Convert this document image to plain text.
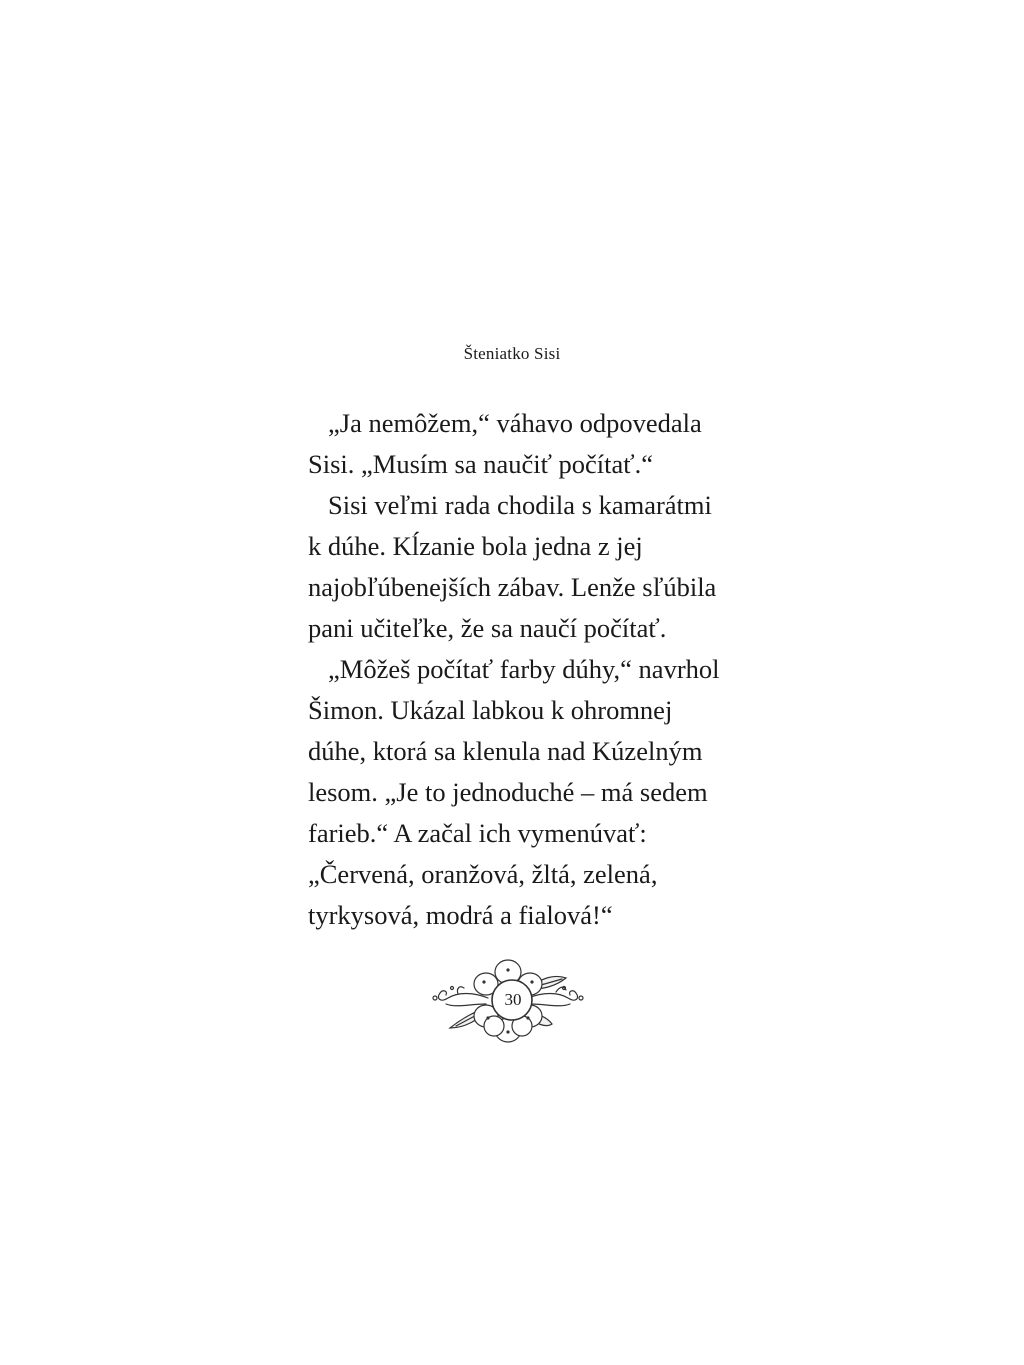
Šteniatko Sisi
„Ja nemôžem,“ váhavo odpovedala
Sisi. „Musím sa naučiť počítať.“
Sisi veľmi rada chodila s kamarátmi
k dúhe. Kĺzanie bola jedna z jej
najobľúbenejších zábav. Lenže sľúbila
pani učiteľke, že sa naučí počítať.
„Môžeš počítať farby dúhy,“ navrhol
Šimon. Ukázal labkou k ohromnej
dúhe, ktorá sa klenula nad Kúzelným
lesom. „Je to jednoduché – má sedem
farieb.“ A začal ich vymenúvať:
„Červená, oranžová, žltá, zelená,
tyrkysová, modrá a fialová!“
30
